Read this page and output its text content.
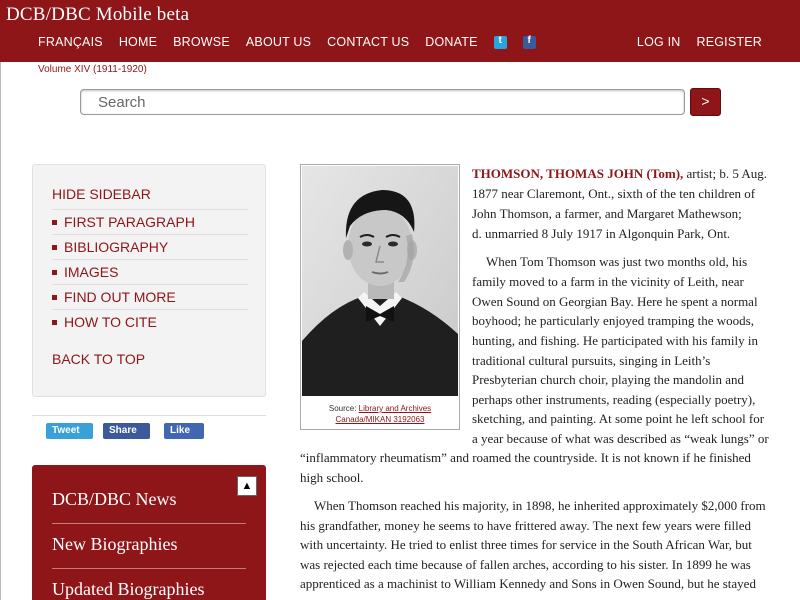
DCB/DBC Mobile beta
FRANÇAIS HOME BROWSE ABOUT US CONTACT US DONATE	t	f	LOG IN REGISTER
Volume XIV (1911-1920)
Search
>
HIDE SIDEBAR
FIRST PARAGRAPH
BIBLIOGRAPHY
IMAGES
FIND OUT MORE
HOW TO CITE
BACK TO TOP
Tweet	Share	Like
▲
DCB/DBC News
New Biographies
Updated Biographies
Source: Library and Archives Canada/MIKAN 3192063
THOMSON, THOMAS JOHN (Tom), artist; b. 5 Aug.
1877 near Claremont, Ont., sixth of the ten children of
John Thomson, a farmer, and Margaret Mathewson;
d. unmarried 8 July 1917 in Algonquin Park, Ont.
When Tom Thomson was just two months old, his
family moved to a farm in the vicinity of Leith, near
Owen Sound on Georgian Bay. Here he spent a normal
boyhood; he particularly enjoyed tramping the woods,
hunting, and fishing. He participated with his family in
traditional cultural pursuits, singing in Leith’s
Presbyterian church choir, playing the mandolin and
perhaps other instruments, reading (especially poetry),
sketching, and painting. At some point he left school for
a year because of what was described as “weak lungs” or
“inflammatory rheumatism” and roamed the countryside. It is not known if he finished
high school.
When Thomson reached his majority, in 1898, he inherited approximately $2,000 from
his grandfather, money he seems to have frittered away. The next few years were filled
with uncertainty. He tried to enlist three times for service in the South African War, but
was rejected each time because of fallen arches, according to his sister. In 1899 he was
apprenticed as a machinist to William Kennedy and Sons in Owen Sound, but he stayed
